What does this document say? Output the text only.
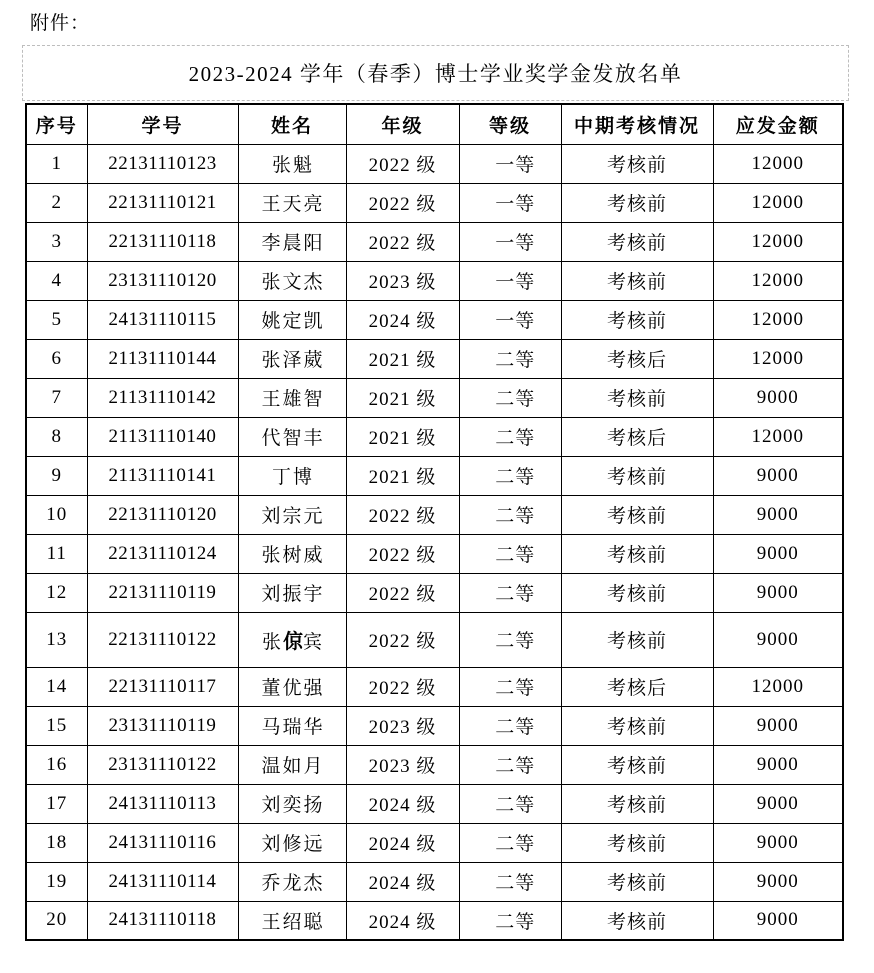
附件：
2023-2024 学年（春季）博士学业奖学金发放名单
序号	学号	姓名	年级	等级	中期考核情况	应发金额
1	22131110123	张魁	2022 级	一等	考核前	12000
2	22131110121	王天亮	2022 级	一等	考核前	12000
3	22131110118	李晨阳	2022 级	一等	考核前	12000
4	23131110120	张文杰	2023 级	一等	考核前	12000
5	24131110115	姚定凯	2024 级	一等	考核前	12000
6	21131110144	张泽葳	2021 级	二等	考核后	12000
7	21131110142	王雄智	2021 级	二等	考核前	9000
8	21131110140	代智丰	2021 级	二等	考核后	12000
9	21131110141	丁博	2021 级	二等	考核前	9000
10	22131110120	刘宗元	2022 级	二等	考核前	9000
11	22131110124	张树威	2022 级	二等	考核前	9000
12	22131110119	刘振宇	2022 级	二等	考核前	9000
13	22131110122	张倞宾	2022 级	二等	考核前	9000
14	22131110117	董优强	2022 级	二等	考核后	12000
15	23131110119	马瑞华	2023 级	二等	考核前	9000
16	23131110122	温如月	2023 级	二等	考核前	9000
17	24131110113	刘奕扬	2024 级	二等	考核前	9000
18	24131110116	刘修远	2024 级	二等	考核前	9000
19	24131110114	乔龙杰	2024 级	二等	考核前	9000
20	24131110118	王绍聪	2024 级	二等	考核前	9000
